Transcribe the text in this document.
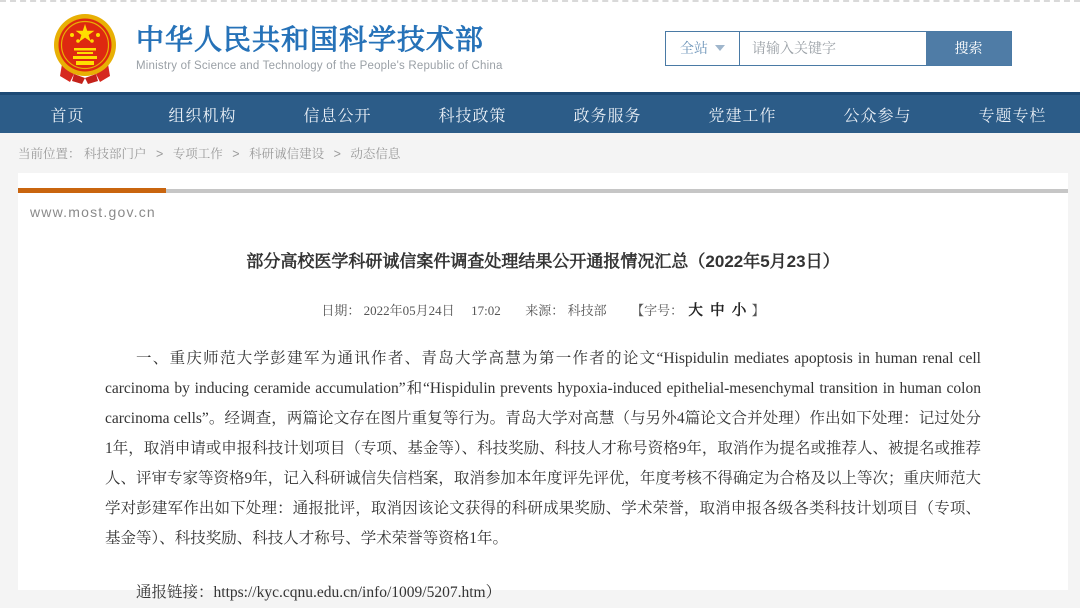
中华人民共和国科学技术部
Ministry of Science and Technology of the People's Republic of China
全站
请输入关键字	搜索
首页	组织机构	信息公开	科技政策	政务服务	党建工作	公众参与	专题专栏
当前位置： 科技部门户 > 专项工作 > 科研诚信建设 > 动态信息
www.most.gov.cn
部分高校医学科研诚信案件调查处理结果公开通报情况汇总（2022年5月23日）
日期： 2022年05月24日 17:02 来源： 科技部 【字号： 大 中 小 】

一、重庆师范大学彭建军为通讯作者、青岛大学高慧为第一作者的论文“Hispidulin mediates apoptosis in human renal cell carcinoma by inducing ceramide accumulation”和“Hispidulin prevents hypoxia-induced epithelial-mesenchymal transition in human colon carcinoma cells”。经调查，两篇论文存在图片重复等行为。青岛大学对高慧（与另外4篇论文合并处理）作出如下处理：记过处分1年，取消申请或申报科技计划项目（专项、基金等）、科技奖励、科技人才称号资格9年，取消作为提名或推荐人、被提名或推荐人、评审专家等资格9年，记入科研诚信失信档案，取消参加本年度评先评优，年度考核不得确定为合格及以上等次；重庆师范大学对彭建军作出如下处理：通报批评，取消因该论文获得的科研成果奖励、学术荣誉，取消申报各级各类科技计划项目（专项、基金等）、科技奖励、科技人才称号、学术荣誉等资格1年。

通报链接：https://kyc.cqnu.edu.cn/info/1009/5207.htm）
